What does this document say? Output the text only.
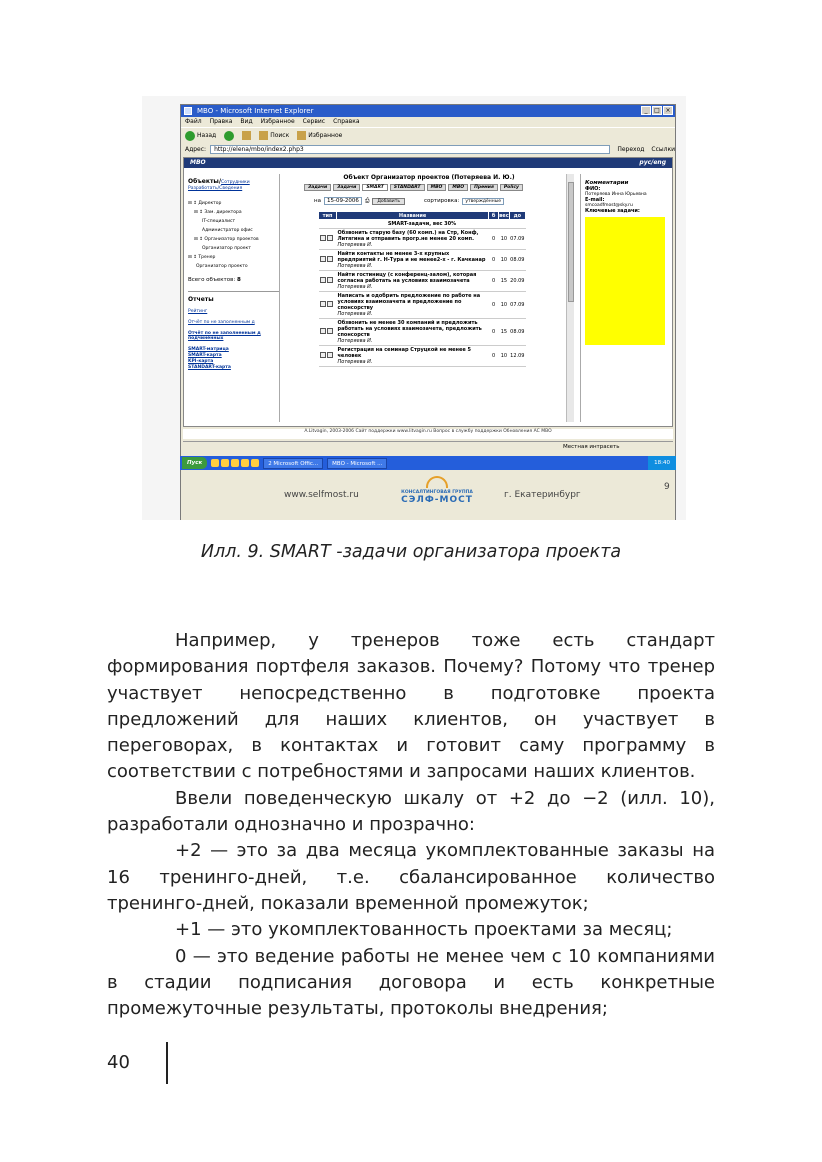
MBO - Microsoft Internet Explorer	_	□ ×
Файл Правка Вид Избранное Сервис Справка
Назад	Поиск	Избранное
Адрес:	http://elena/mbo/index2.php3	Переход	Ссылки
MBO	рус/eng
Объекты/Сотрудники
Разработать/Сведения
⊟ ↕ Директор
⊟ ↕ Зам. директора
IT-специалист
Администратор офис
⊟ ↕ Организатор проектов
Организатор проект
⊟ ↕ Тренер
Организатор проекто
Всего объектов: 8
Отчеты
Рейтинг
Отчёт по не заполненным д
Отчёт по не заполненным д подчинённых
SMART-матрица
SMART-карта
KPI-карта
STANDART-карта
Объект Организатор проектов (Потеряева И. Ю.)
Задачи	Задачи	SMART	STANDART	MBO	MBO	Премия	Policy
на	15-09-2006	⎙	Добавить	сортировка:	утверждённые
тип	Название	б	вес	до
SMART-задачи, вес 30%				
	Обзвонить старую базу (60 комп.) на Стр, Конф, Литягина и отправить прогр.не менее 20 комп.
Потеряева И.	0	10	07.09
	Найти контакты не менее 3-х крупных предприятий г. Н-Тура и не менее2-х - г. Качканар
Потеряева И.	0	10	08.09
	Найти гостиницу (с конференц-залом), которая согласна работать на условиях взаимозачета
Потеряева И.	0	15	20.09
	Написать и одобрить предложение по работе на условиях взаимозачета и предложение по спонсорству
Потеряева И.	0	10	07.09
	Обзвонить не менее 30 компаний и предложить работать на условиях взаимозачета, предложить спонсорств
Потеряева И.	0	15	08.09
	Регистрация на семинар Струцкой не менее 5 человек
Потеряева И.	0	10	12.09
Комментарии
ФИО:
Потеряева Инна Юрьевна
E-mail:
smcoadfmost@sky.ru
Ключевые задачи:
A.Litvagin, 2003-2006 Сайт поддержки www.litvagin.ru Вопрос в службу поддержки Обновления АС MBO
Местная интрасеть
Пуск	2 Microsoft Offic...	MBO - Microsoft ...	18:40
www.selfmost.ru	КОНСАЛТИНГОВАЯ ГРУППА
СЭЛФ-МОСТ	г. Екатеринбург
9
Илл. 9. SMART -задачи организатора проекта

Например, у тренеров тоже есть стандарт формирования портфеля заказов. Почему? Потому что тренер участвует непосредственно в подготовке проекта предложений для наших клиентов, он участвует в переговорах, в контактах и готовит саму программу в соответствии с потребностями и запросами наших клиентов.

Ввели поведенческую шкалу от +2 до −2 (илл. 10), разработали однозначно и прозрачно:

+2 — это за два месяца укомплектованные заказы на 16 тренинго-дней, т.е. сбалансированное количество тренинго-дней, показали временной промежуток;

+1 — это укомплектованность проектами за месяц;

0 — это ведение работы не менее чем с 10 компаниями в стадии подписания договора и есть конкретные промежуточные результаты, протоколы внедрения;

40
